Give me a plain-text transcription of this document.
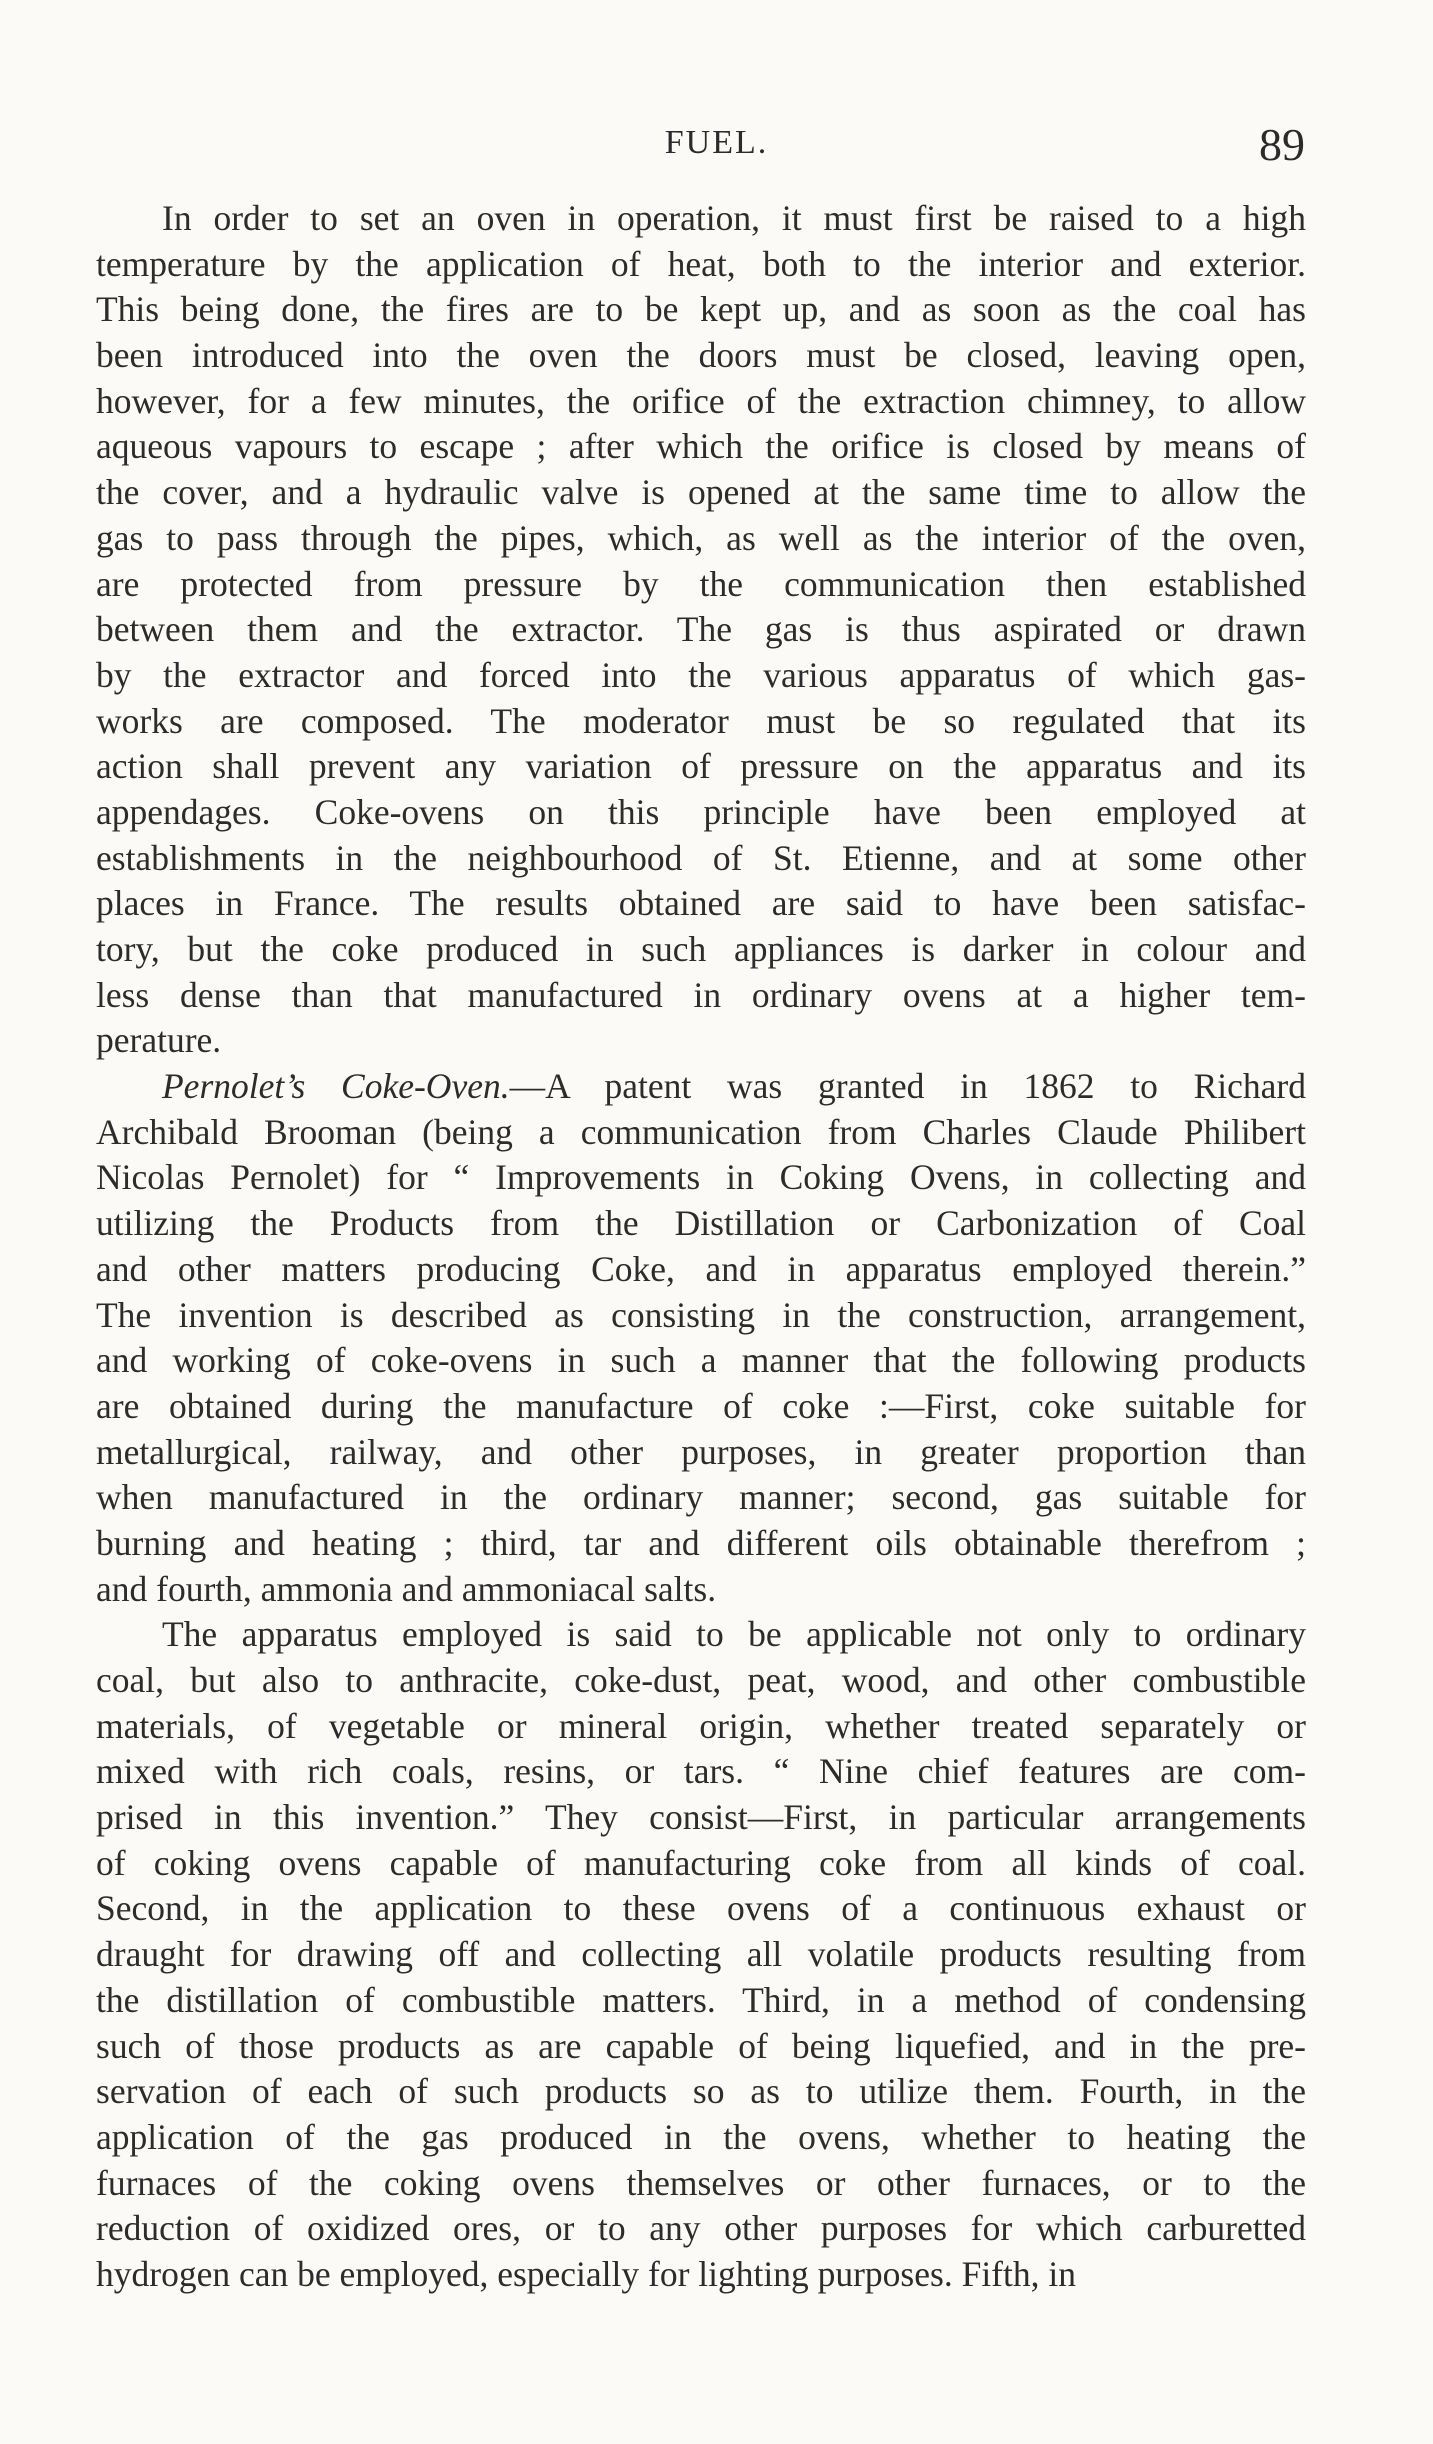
FUEL.	89
In order to set an oven in operation, it must first be raised to a high
temperature by the application of heat, both to the interior and exterior.
This being done, the fires are to be kept up, and as soon as the coal has
been introduced into the oven the doors must be closed, leaving open,
however, for a few minutes, the orifice of the extraction chimney, to allow
aqueous vapours to escape ; after which the orifice is closed by means of
the cover, and a hydraulic valve is opened at the same time to allow the
gas to pass through the pipes, which, as well as the interior of the oven,
are protected from pressure by the communication then established
between them and the extractor. The gas is thus aspirated or drawn
by the extractor and forced into the various apparatus of which gas-
works are composed. The moderator must be so regulated that its
action shall prevent any variation of pressure on the apparatus and its
appendages. Coke-ovens on this principle have been employed at
establishments in the neighbourhood of St. Etienne, and at some other
places in France. The results obtained are said to have been satisfac-
tory, but the coke produced in such appliances is darker in colour and
less dense than that manufactured in ordinary ovens at a higher tem-
perature.
Pernolet’s Coke-Oven.—A patent was granted in 1862 to Richard
Archibald Brooman (being a communication from Charles Claude Philibert
Nicolas Pernolet) for “ Improvements in Coking Ovens, in collecting and
utilizing the Products from the Distillation or Carbonization of Coal
and other matters producing Coke, and in apparatus employed therein.”
The invention is described as consisting in the construction, arrangement,
and working of coke-ovens in such a manner that the following products
are obtained during the manufacture of coke :—First, coke suitable for
metallurgical, railway, and other purposes, in greater proportion than
when manufactured in the ordinary manner; second, gas suitable for
burning and heating ; third, tar and different oils obtainable therefrom ;
and fourth, ammonia and ammoniacal salts.
The apparatus employed is said to be applicable not only to ordinary
coal, but also to anthracite, coke-dust, peat, wood, and other combustible
materials, of vegetable or mineral origin, whether treated separately or
mixed with rich coals, resins, or tars. “ Nine chief features are com-
prised in this invention.” They consist—First, in particular arrangements
of coking ovens capable of manufacturing coke from all kinds of coal.
Second, in the application to these ovens of a continuous exhaust or
draught for drawing off and collecting all volatile products resulting from
the distillation of combustible matters. Third, in a method of condensing
such of those products as are capable of being liquefied, and in the pre-
servation of each of such products so as to utilize them. Fourth, in the
application of the gas produced in the ovens, whether to heating the
furnaces of the coking ovens themselves or other furnaces, or to the
reduction of oxidized ores, or to any other purposes for which carburetted
hydrogen can be employed, especially for lighting purposes. Fifth, in
